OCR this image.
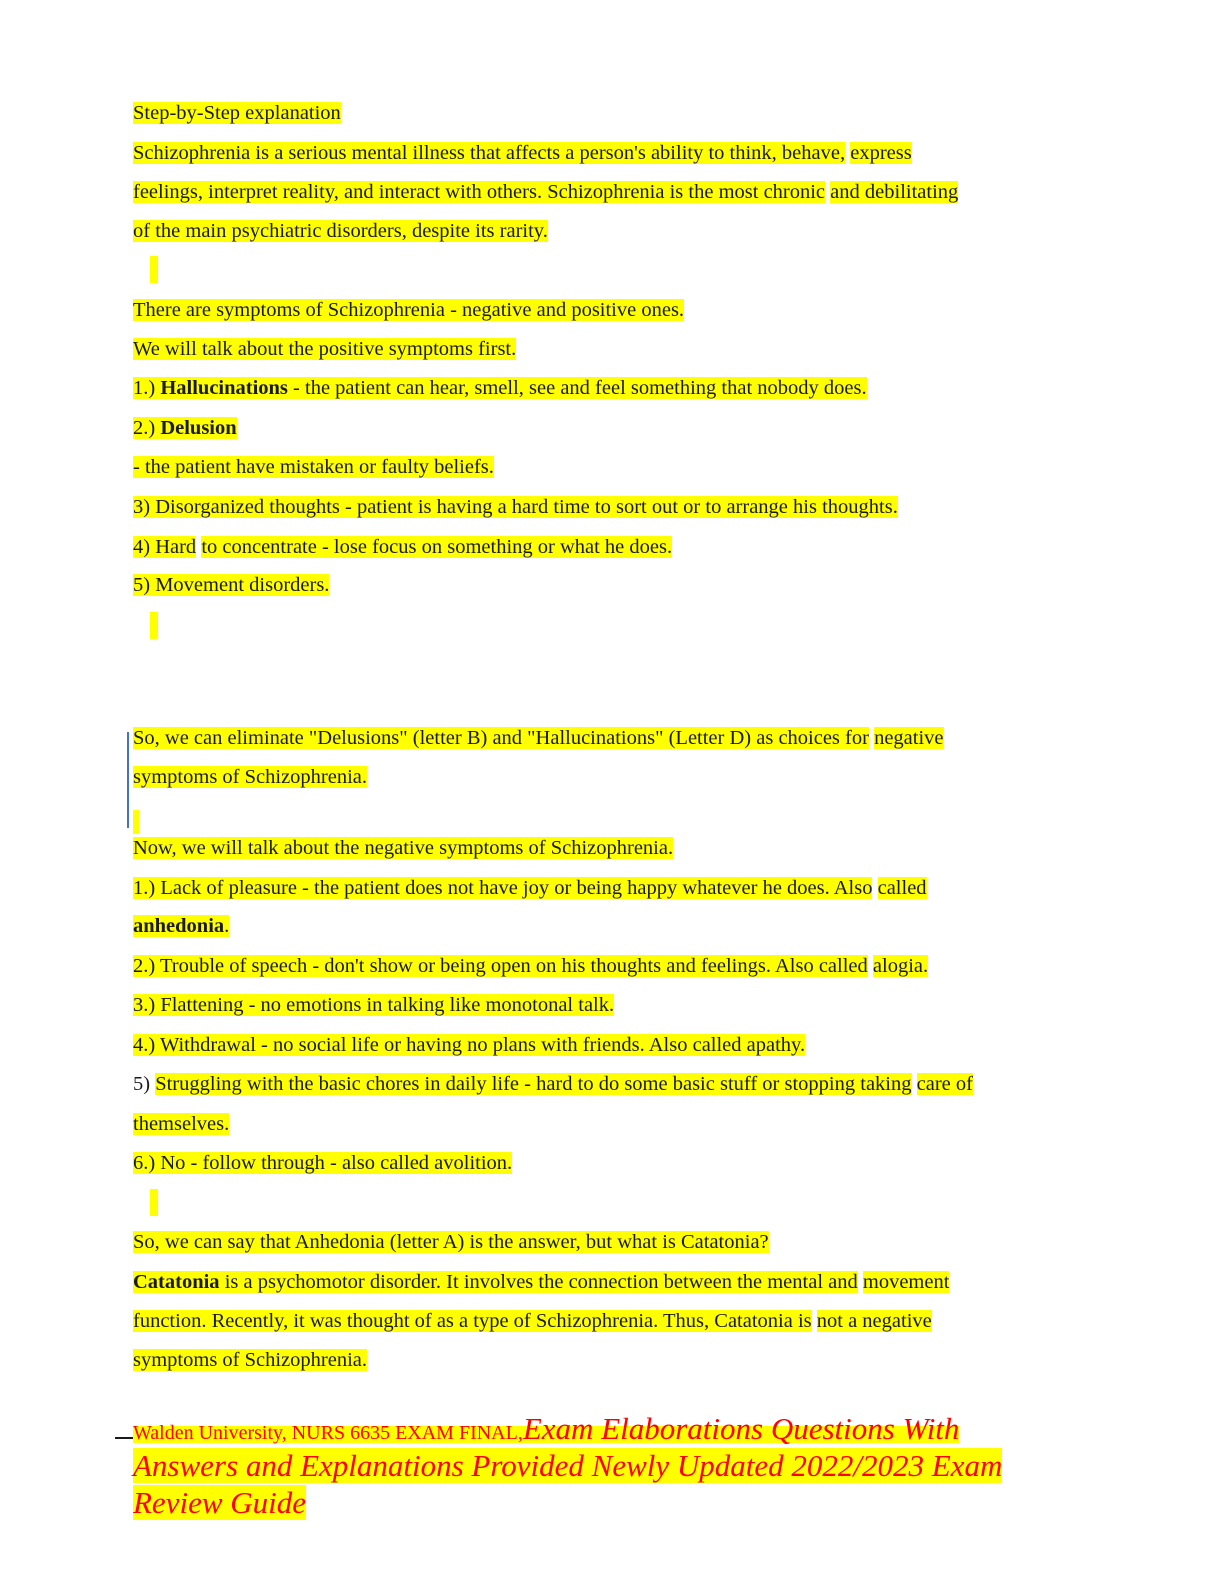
Step-by-Step explanation
Schizophrenia is a serious mental illness that affects a person's ability to think, behave, express
feelings, interpret reality, and interact with others. Schizophrenia is the most chronic and debilitating
of the main psychiatric disorders, despite its rarity.
There are symptoms of Schizophrenia - negative and positive ones.
We will talk about the positive symptoms first.
1.) Hallucinations - the patient can hear, smell, see and feel something that nobody does.
2.) Delusion
- the patient have mistaken or faulty beliefs.
3) Disorganized thoughts - patient is having a hard time to sort out or to arrange his thoughts.
4) Hard to concentrate - lose focus on something or what he does.
5) Movement disorders.
So, we can eliminate "Delusions" (letter B) and "Hallucinations" (Letter D) as choices for negative
symptoms of Schizophrenia.
Now, we will talk about the negative symptoms of Schizophrenia.
1.) Lack of pleasure - the patient does not have joy or being happy whatever he does. Also called
anhedonia.
2.) Trouble of speech - don't show or being open on his thoughts and feelings. Also called alogia.
3.) Flattening - no emotions in talking like monotonal talk.
4.) Withdrawal - no social life or having no plans with friends. Also called apathy.
5) Struggling with the basic chores in daily life - hard to do some basic stuff or stopping taking care of
themselves.
6.) No - follow through - also called avolition.
So, we can say that Anhedonia (letter A) is the answer, but what is Catatonia?
Catatonia is a psychomotor disorder. It involves the connection between the mental and movement
function. Recently, it was thought of as a type of Schizophrenia. Thus, Catatonia is not a negative
symptoms of Schizophrenia.
Walden University, NURS 6635 EXAM FINAL,Exam Elaborations Questions With
Answers and Explanations Provided Newly Updated 2022/2023 Exam
Review Guide
